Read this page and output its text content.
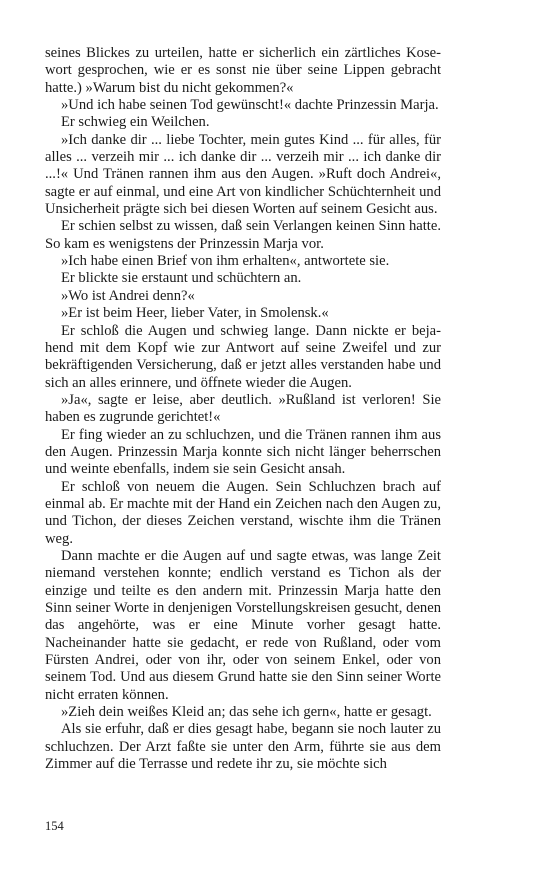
seines Blickes zu urteilen, hatte er sicherlich ein zärtliches Kosewort gesprochen, wie er es sonst nie über seine Lippen gebracht hatte.) »Warum bist du nicht gekommen?«

»Und ich habe seinen Tod gewünscht!« dachte Prinzessin Marja.

Er schwieg ein Weilchen.

»Ich danke dir ... liebe Tochter, mein gutes Kind ... für alles, für alles ... verzeih mir ... ich danke dir ... verzeih mir ... ich danke dir ...!« Und Tränen rannen ihm aus den Augen. »Ruft doch Andrei«, sagte er auf einmal, und eine Art von kindlicher Schüchternheit und Unsicherheit prägte sich bei diesen Worten auf seinem Gesicht aus.

Er schien selbst zu wissen, daß sein Verlangen keinen Sinn hatte. So kam es wenigstens der Prinzessin Marja vor.

»Ich habe einen Brief von ihm erhalten«, antwortete sie.

Er blickte sie erstaunt und schüchtern an.

»Wo ist Andrei denn?«

»Er ist beim Heer, lieber Vater, in Smolensk.«

Er schloß die Augen und schwieg lange. Dann nickte er bejahend mit dem Kopf wie zur Antwort auf seine Zweifel und zur bekräftigenden Versicherung, daß er jetzt alles verstanden habe und sich an alles erinnere, und öffnete wieder die Augen.

»Ja«, sagte er leise, aber deutlich. »Rußland ist verloren! Sie haben es zugrunde gerichtet!«

Er fing wieder an zu schluchzen, und die Tränen rannen ihm aus den Augen. Prinzessin Marja konnte sich nicht länger beherrschen und weinte ebenfalls, indem sie sein Gesicht ansah.

Er schloß von neuem die Augen. Sein Schluchzen brach auf einmal ab. Er machte mit der Hand ein Zeichen nach den Augen zu, und Tichon, der dieses Zeichen verstand, wischte ihm die Tränen weg.

Dann machte er die Augen auf und sagte etwas, was lange Zeit niemand verstehen konnte; endlich verstand es Tichon als der einzige und teilte es den andern mit. Prinzessin Marja hatte den Sinn seiner Worte in denjenigen Vorstellungskreisen gesucht, denen das angehörte, was er eine Minute vorher gesagt hatte. Nacheinander hatte sie gedacht, er rede von Rußland, oder vom Fürsten Andrei, oder von ihr, oder von seinem Enkel, oder von seinem Tod. Und aus diesem Grund hatte sie den Sinn seiner Worte nicht erraten können.

»Zieh dein weißes Kleid an; das sehe ich gern«, hatte er gesagt.

Als sie erfuhr, daß er dies gesagt habe, begann sie noch lauter zu schluchzen. Der Arzt faßte sie unter den Arm, führte sie aus dem Zimmer auf die Terrasse und redete ihr zu, sie möchte sich

154
